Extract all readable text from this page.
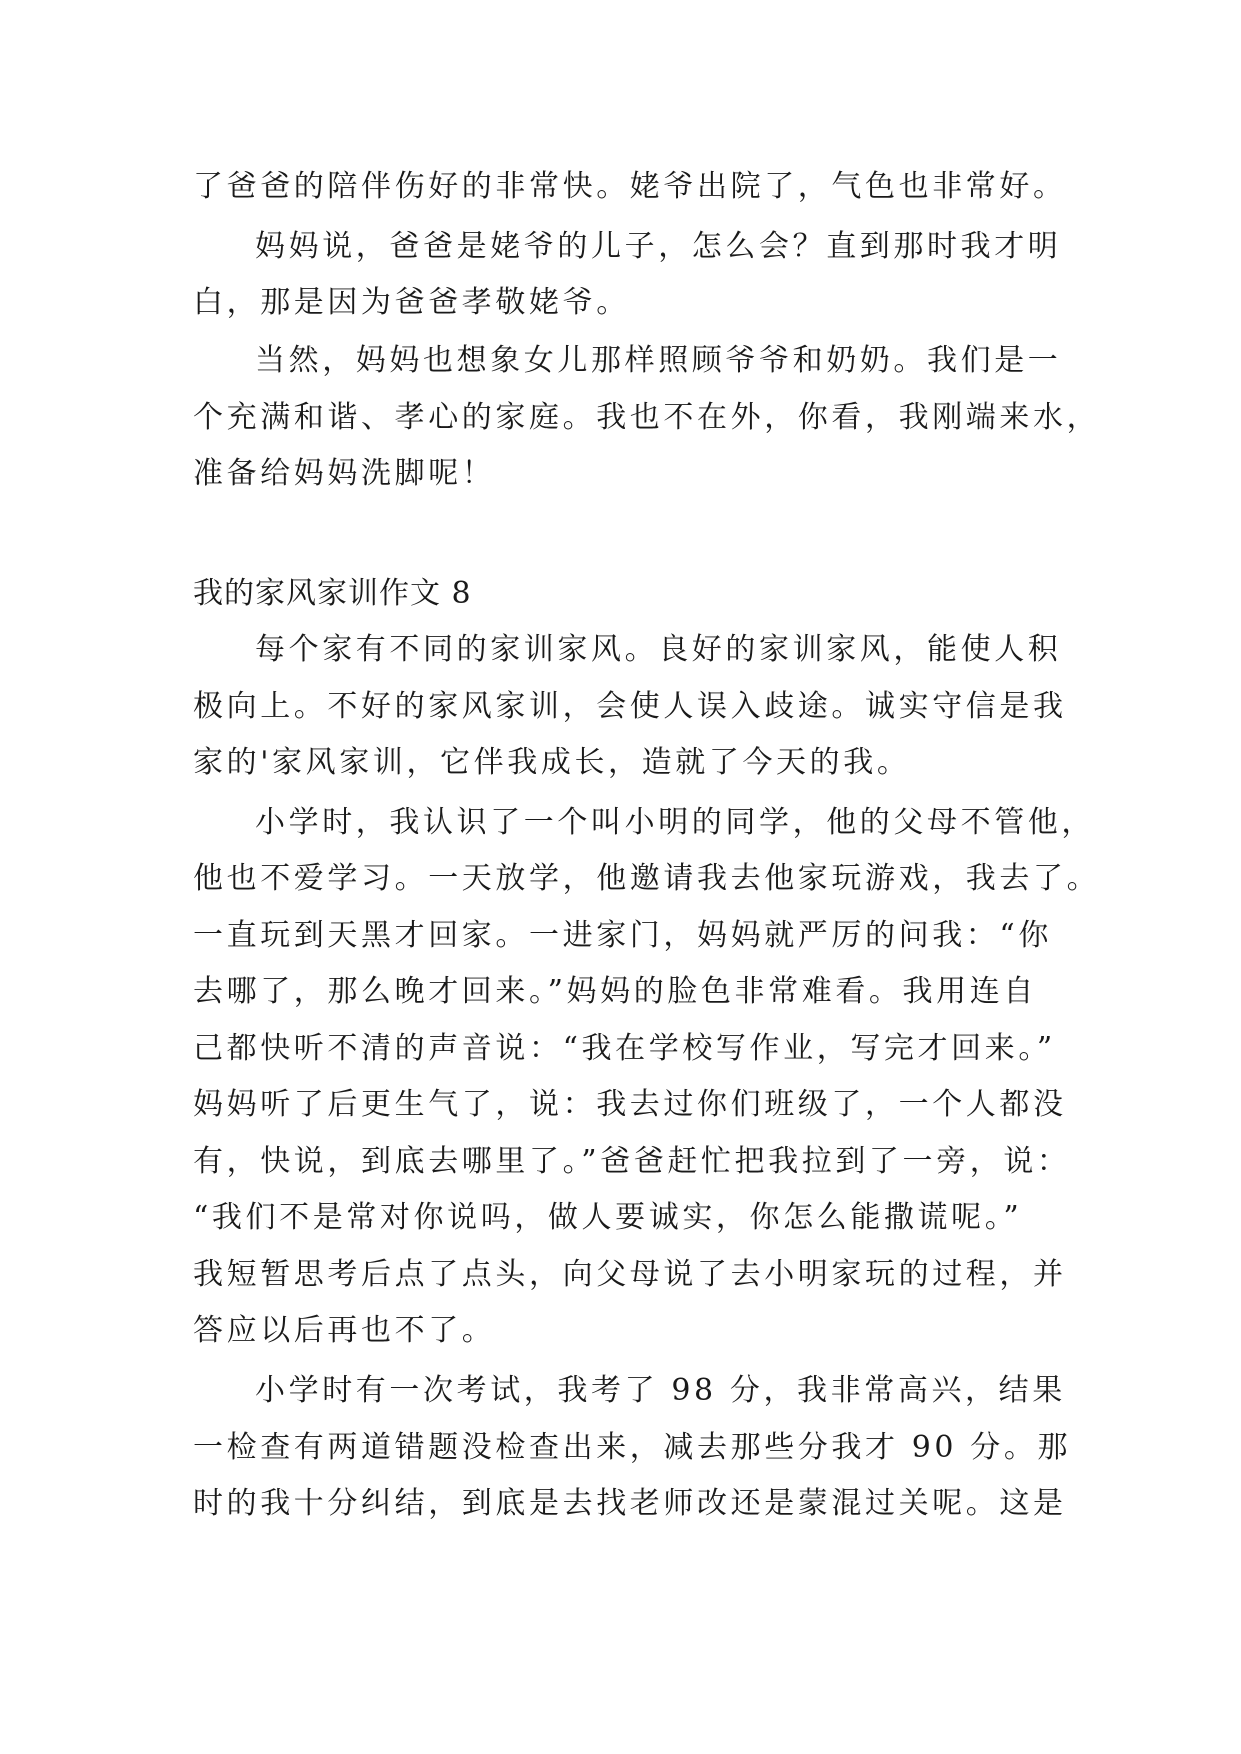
了爸爸的陪伴伤好的非常快。姥爷出院了，气色也非常好。
妈妈说，爸爸是姥爷的儿子，怎么会？直到那时我才明
白，那是因为爸爸孝敬姥爷。
当然，妈妈也想象女儿那样照顾爷爷和奶奶。我们是一
个充满和谐、孝心的家庭。我也不在外，你看，我刚端来水，
准备给妈妈洗脚呢！
我的家风家训作文 8
每个家有不同的家训家风。良好的家训家风，能使人积
极向上。不好的家风家训，会使人误入歧途。诚实守信是我
家的'家风家训，它伴我成长，造就了今天的我。
小学时，我认识了一个叫小明的同学，他的父母不管他，
他也不爱学习。一天放学，他邀请我去他家玩游戏，我去了。
一直玩到天黑才回家。一进家门，妈妈就严厉的问我：“你
去哪了，那么晚才回来。”妈妈的脸色非常难看。我用连自
己都快听不清的声音说：“我在学校写作业，写完才回来。”
妈妈听了后更生气了，说：我去过你们班级了，一个人都没
有，快说，到底去哪里了。”爸爸赶忙把我拉到了一旁，说：
“我们不是常对你说吗，做人要诚实，你怎么能撒谎呢。”
我短暂思考后点了点头，向父母说了去小明家玩的过程，并
答应以后再也不了。
小学时有一次考试，我考了 98 分，我非常高兴，结果
一检查有两道错题没检查出来，减去那些分我才 90 分。那
时的我十分纠结，到底是去找老师改还是蒙混过关呢。这是
